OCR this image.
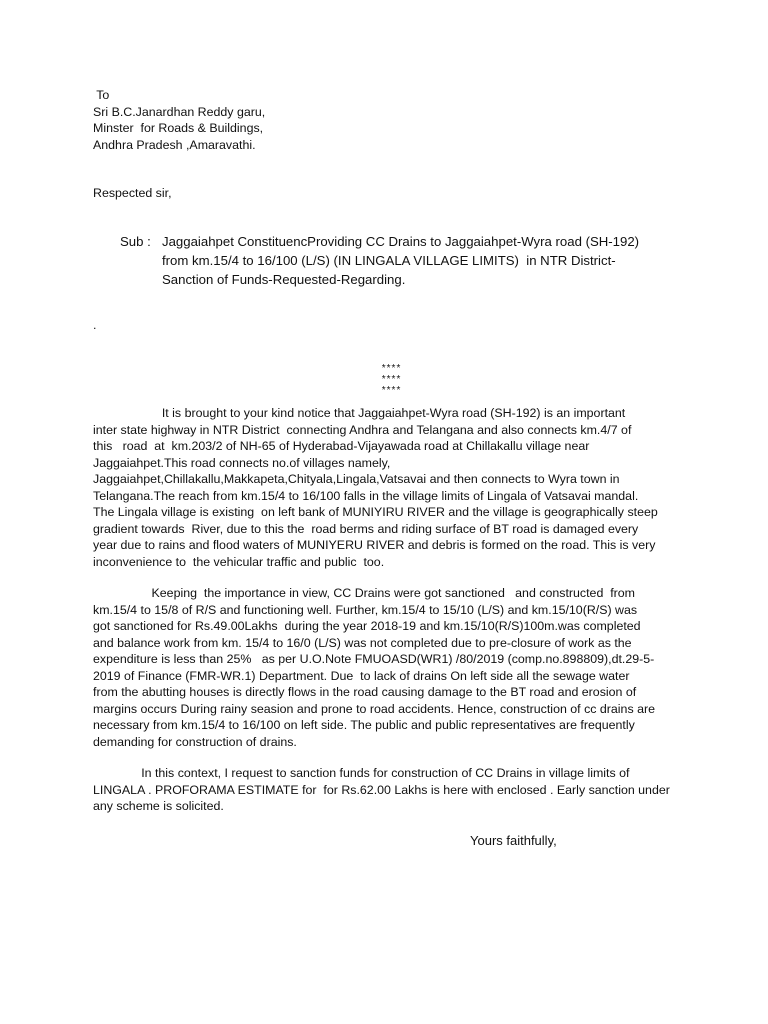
To
Sri B.C.Janardhan Reddy garu,
Minster  for Roads & Buildings,
Andhra Pradesh ,Amaravathi.
Respected sir,
Sub : Jaggaiahpet ConstituencProviding CC Drains to Jaggaiahpet-Wyra road (SH-192)
from km.15/4 to 16/100 (L/S) (IN LINGALA VILLAGE LIMITS)  in NTR District-
Sanction of Funds-Requested-Regarding.
.

****
****
****

It is brought to your kind notice that Jaggaiahpet-Wyra road (SH-192) is an important
inter state highway in NTR District  connecting Andhra and Telangana and also connects km.4/7 of
this   road  at  km.203/2 of NH-65 of Hyderabad-Vijayawada road at Chillakallu village near
Jaggaiahpet.This road connects no.of villages namely,
Jaggaiahpet,Chillakallu,Makkapeta,Chityala,Lingala,Vatsavai and then connects to Wyra town in
Telangana.The reach from km.15/4 to 16/100 falls in the village limits of Lingala of Vatsavai mandal.
The Lingala village is existing  on left bank of MUNIYIRU RIVER and the village is geographically steep
gradient towards  River, due to this the  road berms and riding surface of BT road is damaged every
year due to rains and flood waters of MUNIYERU RIVER and debris is formed on the road. This is very
inconvenience to  the vehicular traffic and public  too.
Keeping  the importance in view, CC Drains were got sanctioned   and constructed  from
km.15/4 to 15/8 of R/S and functioning well. Further, km.15/4 to 15/10 (L/S) and km.15/10(R/S) was
got sanctioned for Rs.49.00Lakhs  during the year 2018-19 and km.15/10(R/S)100m.was completed
and balance work from km. 15/4 to 16/0 (L/S) was not completed due to pre-closure of work as the
expenditure is less than 25%   as per U.O.Note FMUOASD(WR1) /80/2019 (comp.no.898809),dt.29-5-
2019 of Finance (FMR-WR.1) Department. Due  to lack of drains On left side all the sewage water
from the abutting houses is directly flows in the road causing damage to the BT road and erosion of
margins occurs During rainy seasion and prone to road accidents. Hence, construction of cc drains are
necessary from km.15/4 to 16/100 on left side. The public and public representatives are frequently
demanding for construction of drains.
In this context, I request to sanction funds for construction of CC Drains in village limits of
LINGALA . PROFORAMA ESTIMATE for  for Rs.62.00 Lakhs is here with enclosed . Early sanction under
any scheme is solicited.
Yours faithfully,
